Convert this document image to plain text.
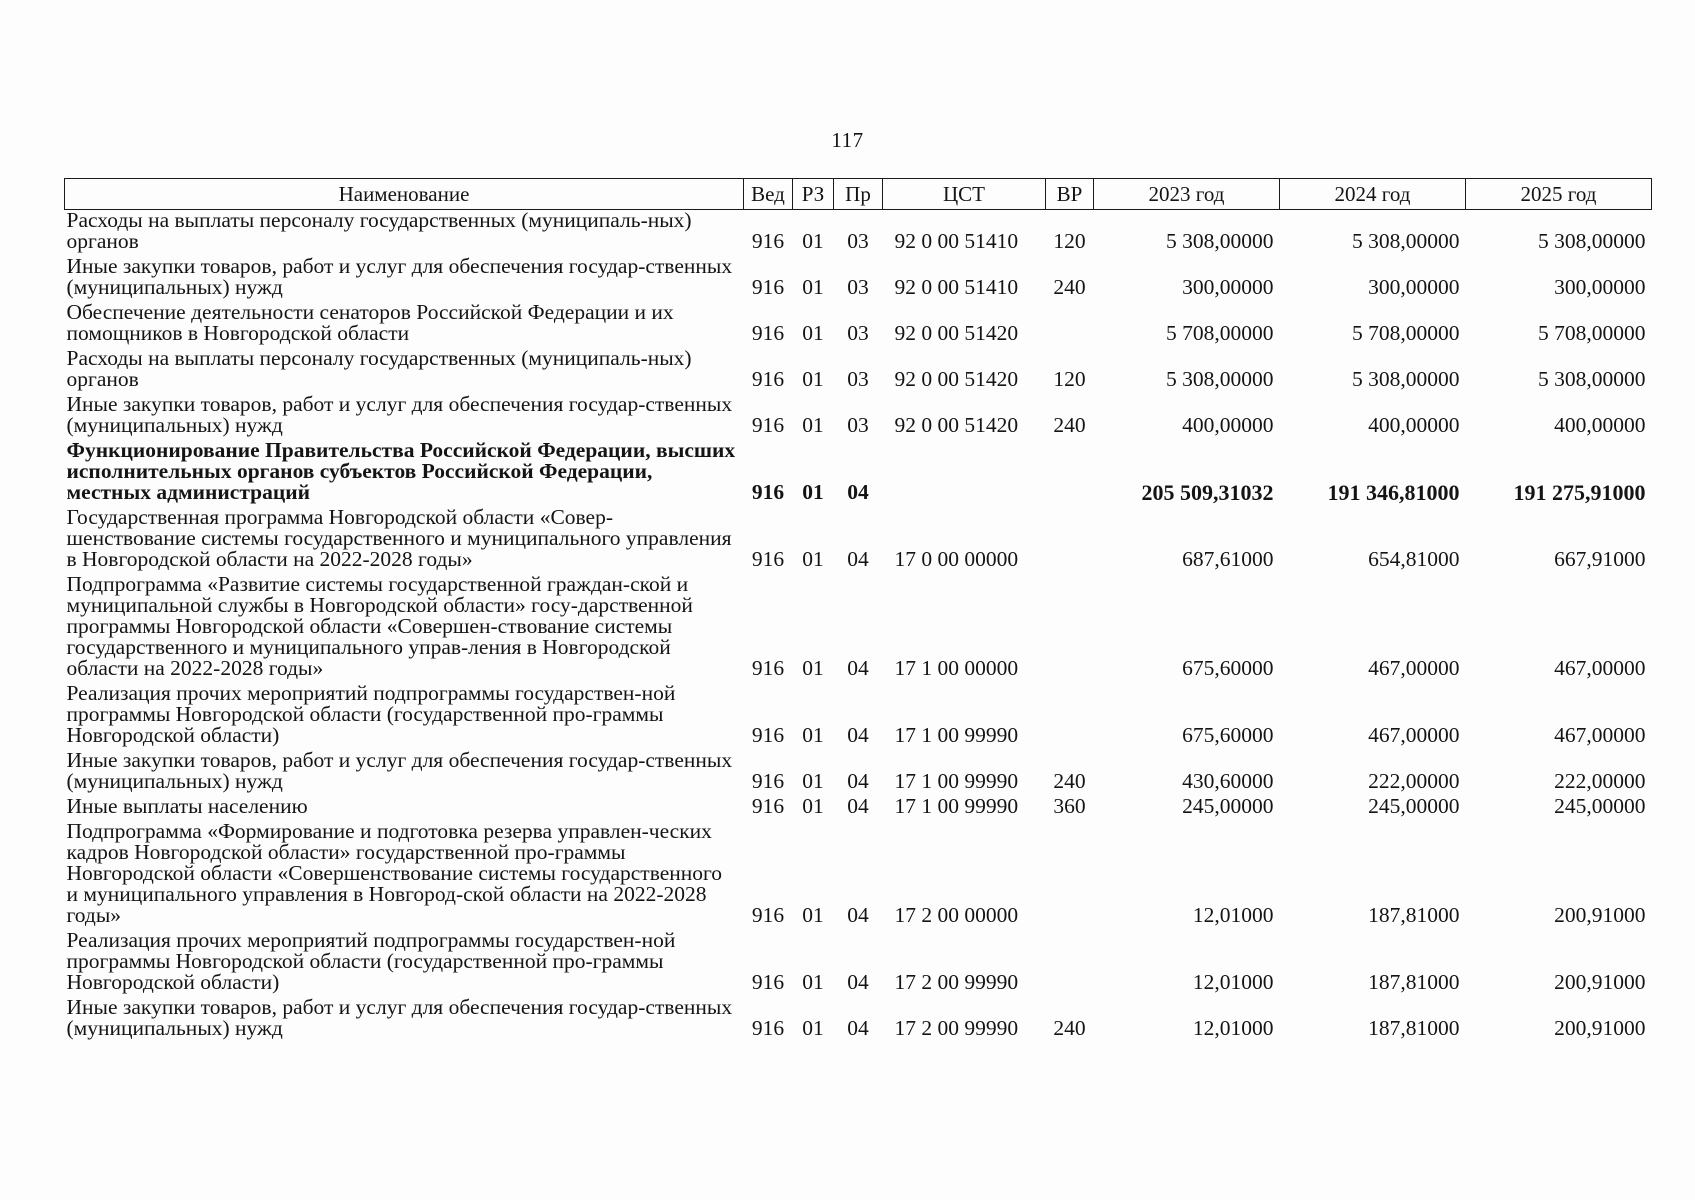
117
Наименование	Вед	РЗ	Пр	ЦСТ	ВР	2023 год	2024 год	2025 год
Расходы на выплаты персоналу государственных (муниципаль-ных) органов	916	01	03	92 0 00 51410	120	5 308,00000	5 308,00000	5 308,00000
Иные закупки товаров, работ и услуг для обеспечения государ-ственных (муниципальных) нужд	916	01	03	92 0 00 51410	240	300,00000	300,00000	300,00000
Обеспечение деятельности сенаторов Российской Федерации и их помощников в Новгородской области	916	01	03	92 0 00 51420		5 708,00000	5 708,00000	5 708,00000
Расходы на выплаты персоналу государственных (муниципаль-ных) органов	916	01	03	92 0 00 51420	120	5 308,00000	5 308,00000	5 308,00000
Иные закупки товаров, работ и услуг для обеспечения государ-ственных (муниципальных) нужд	916	01	03	92 0 00 51420	240	400,00000	400,00000	400,00000
Функционирование Правительства Российской Федерации, высших исполнительных органов субъектов Российской Федерации, местных администраций	916	01	04			205 509,31032	191 346,81000	191 275,91000
Государственная программа Новгородской области «Совер-шенствование системы государственного и муниципального управления в Новгородской области на 2022-2028 годы»	916	01	04	17 0 00 00000		687,61000	654,81000	667,91000
Подпрограмма «Развитие системы государственной граждан-ской и муниципальной службы в Новгородской области» госу-дарственной программы Новгородской области «Совершен-ствование системы государственного и муниципального управ-ления в Новгородской области на 2022-2028 годы»	916	01	04	17 1 00 00000		675,60000	467,00000	467,00000
Реализация прочих мероприятий подпрограммы государствен-ной программы Новгородской области (государственной про-граммы Новгородской области)	916	01	04	17 1 00 99990		675,60000	467,00000	467,00000
Иные закупки товаров, работ и услуг для обеспечения государ-ственных (муниципальных) нужд	916	01	04	17 1 00 99990	240	430,60000	222,00000	222,00000
Иные выплаты населению	916	01	04	17 1 00 99990	360	245,00000	245,00000	245,00000
Подпрограмма «Формирование и подготовка резерва управлен-ческих кадров Новгородской области» государственной про-граммы Новгородской области «Совершенствование системы государственного и муниципального управления в Новгород-ской области на 2022-2028 годы»	916	01	04	17 2 00 00000		12,01000	187,81000	200,91000
Реализация прочих мероприятий подпрограммы государствен-ной программы Новгородской области (государственной про-граммы Новгородской области)	916	01	04	17 2 00 99990		12,01000	187,81000	200,91000
Иные закупки товаров, работ и услуг для обеспечения государ-ственных (муниципальных) нужд	916	01	04	17 2 00 99990	240	12,01000	187,81000	200,91000
